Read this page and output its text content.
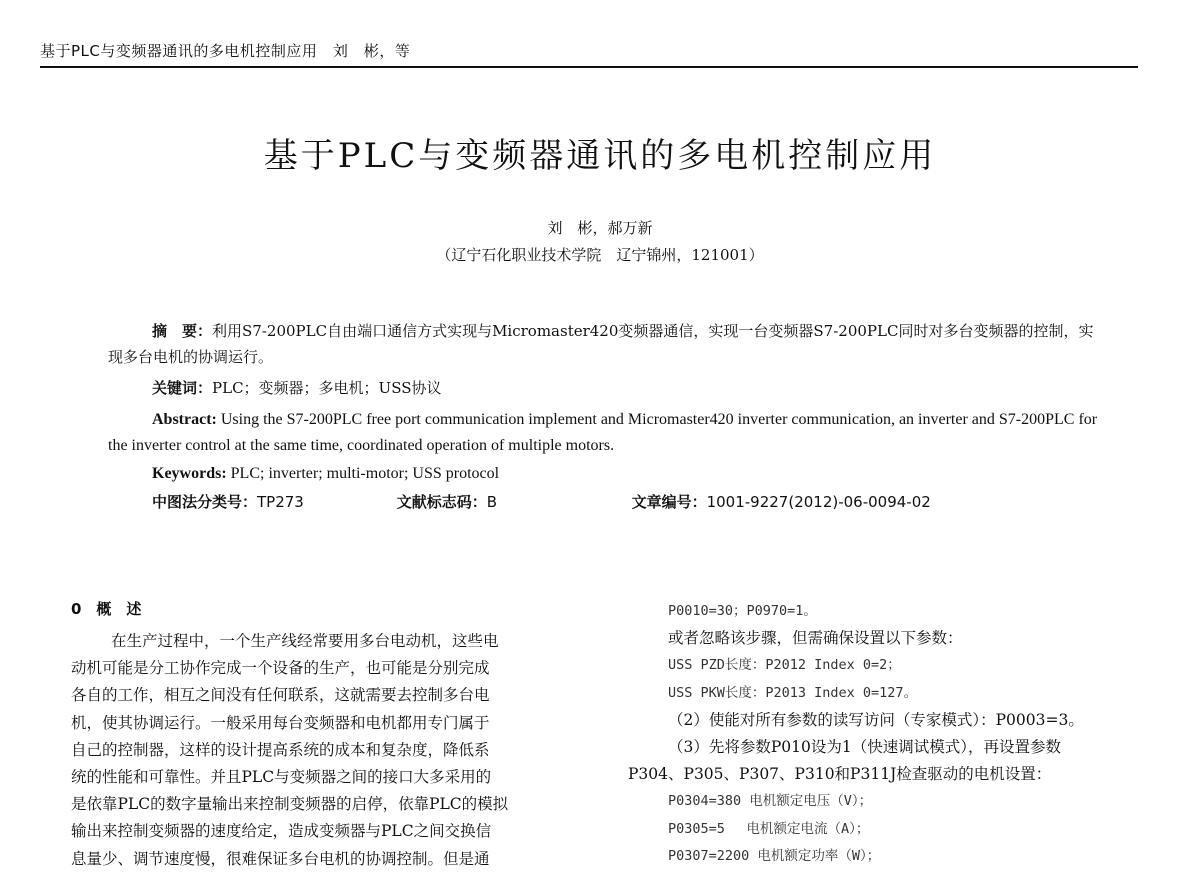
基于PLC与变频器通讯的多电机控制应用　刘　彬，等
基于PLC与变频器通讯的多电机控制应用
刘　彬，郝万新
（辽宁石化职业技术学院　辽宁锦州，121001）
摘　要：利用S7-200PLC自由端口通信方式实现与Micromaster420变频器通信，实现一台变频器S7-200PLC同时对多台变频器的控制，实现多台电机的协调运行。
关键词：PLC；变频器；多电机；USS协议
Abstract: Using the S7-200PLC free port communication implement and Micromaster420 inverter communication, an inverter and S7-200PLC for the inverter control at the same time, coordinated operation of multiple motors.
Keywords: PLC; inverter; multi-motor; USS protocol
中图法分类号：TP273	文献标志码：B	文章编号：1001-9227(2012)-06-0094-02
0　概　述
在生产过程中，一个生产线经常要用多台电动机，这些电
动机可能是分工协作完成一个设备的生产，也可能是分别完成
各自的工作，相互之间没有任何联系，这就需要去控制多台电
机，使其协调运行。一般采用每台变频器和电机都用专门属于
自己的控制器，这样的设计提高系统的成本和复杂度，降低系
统的性能和可靠性。并且PLC与变频器之间的接口大多采用的
是依靠PLC的数字量输出来控制变频器的启停，依靠PLC的模拟
输出来控制变频器的速度给定，造成变频器与PLC之间交换信
息量少、调节速度慢，很难保证多台电机的协调控制。但是通
P0010=30；P0970=1。
或者忽略该步骤，但需确保设置以下参数：
USS PZD长度：P2012 Index 0=2；
USS PKW长度：P2013 Index 0=127。
（2）使能对所有参数的读写访问（专家模式）：P0003=3。
（3）先将参数P010设为1（快速调试模式），再设置参数
P304、P305、P307、P310和P311J检查驱动的电机设置：
P0304=380 电机额定电压（V）；
P0305=5　 电机额定电流（A）；
P0307=2200 电机额定功率（W）；
